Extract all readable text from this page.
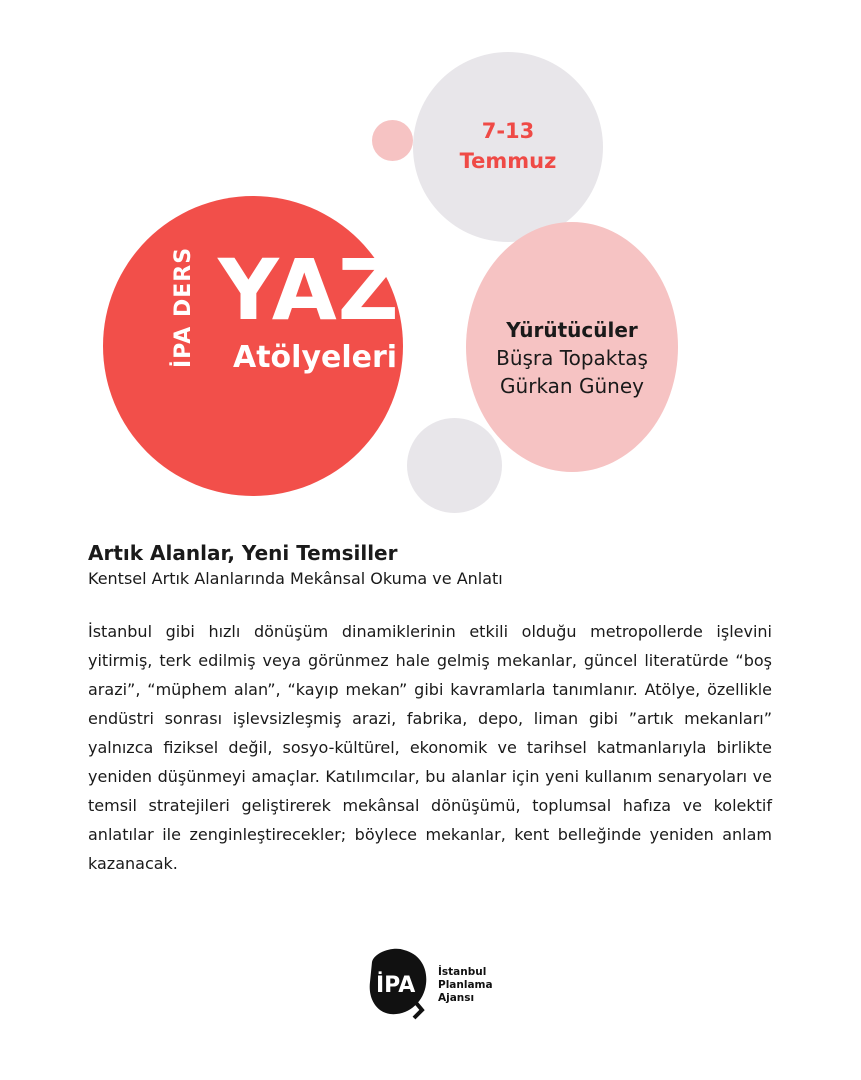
7-13
Temmuz
İPA DERS YAZ
Atölyeleri
Yürütücüler
Büşra Topaktaş
Gürkan Güney
Artık Alanlar, Yeni Temsiller
Kentsel Artık Alanlarında Mekânsal Okuma ve Anlatı
İstanbul gibi hızlı dönüşüm dinamiklerinin etkili olduğu metropollerde işlevini yitirmiş, terk edilmiş veya görünmez hale gelmiş mekanlar, güncel literatürde “boş arazi”, “müphem alan”, “kayıp mekan” gibi kavramlarla tanımlanır. Atölye, özellikle endüstri sonrası işlevsizleşmiş arazi, fabrika, depo, liman gibi ”artık mekanları” yalnızca fiziksel değil, sosyo-kültürel, ekonomik ve tarihsel katmanlarıyla birlikte yeniden düşünmeyi amaçlar. Katılımcılar, bu alanlar için yeni kullanım senaryoları ve temsil stratejileri geliştirerek mekânsal dönüşümü, toplumsal hafıza ve kolektif anlatılar ile zenginleştirecekler; böylece mekanlar, kent belleğinde yeniden anlam kazanacak.
İPA
İstanbul
Planlama
Ajansı
